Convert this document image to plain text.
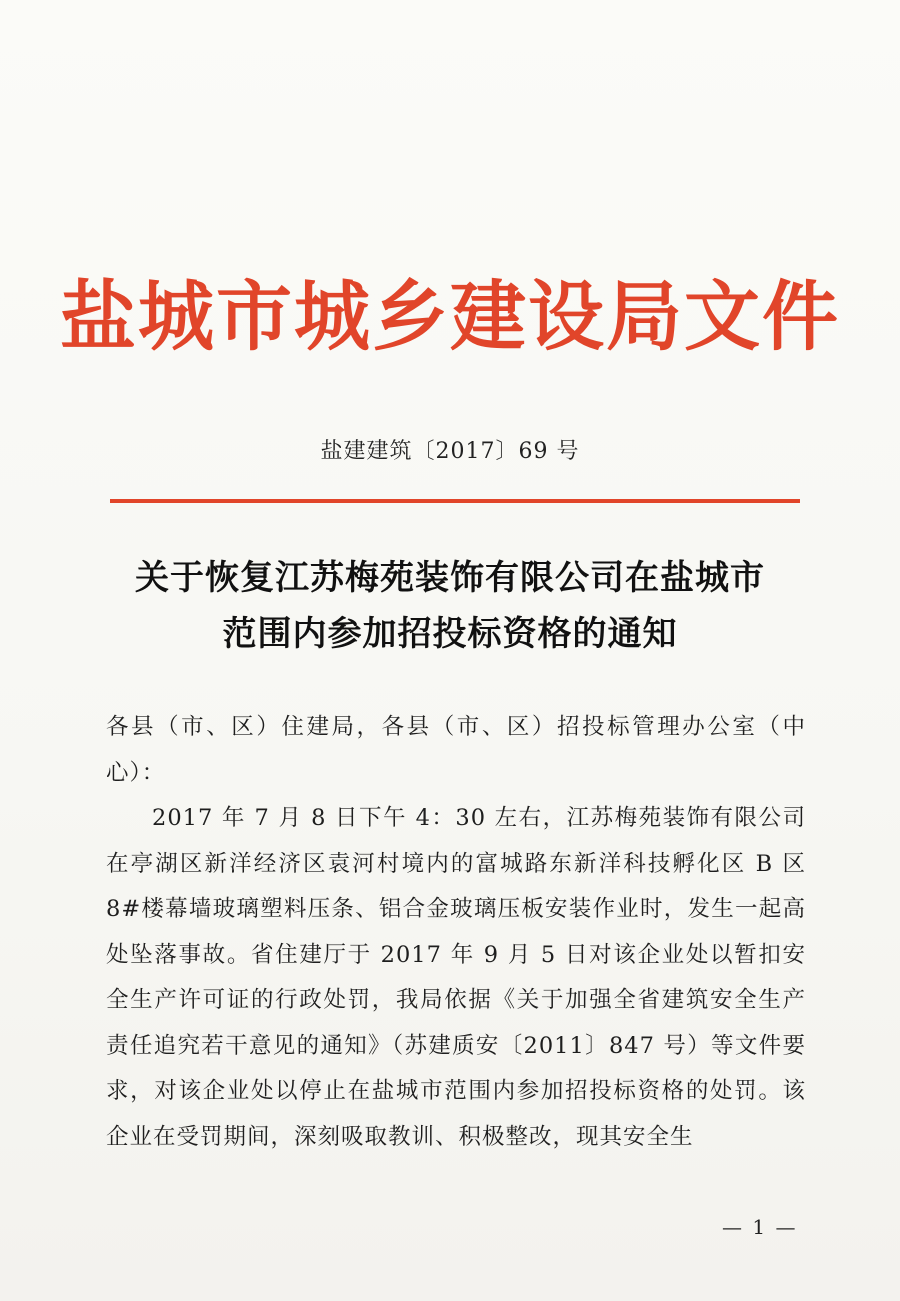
盐城市城乡建设局文件
盐建建筑〔2017〕69 号
关于恢复江苏梅苑装饰有限公司在盐城市
范围内参加招投标资格的通知

各县（市、区）住建局，各县（市、区）招投标管理办公室（中心）：

2017 年 7 月 8 日下午 4：30 左右，江苏梅苑装饰有限公司在亭湖区新洋经济区袁河村境内的富城路东新洋科技孵化区 B 区 8#楼幕墙玻璃塑料压条、铝合金玻璃压板安装作业时，发生一起高处坠落事故。省住建厅于 2017 年 9 月 5 日对该企业处以暂扣安全生产许可证的行政处罚，我局依据《关于加强全省建筑安全生产责任追究若干意见的通知》（苏建质安〔2011〕847 号）等文件要求，对该企业处以停止在盐城市范围内参加招投标资格的处罚。该企业在受罚期间，深刻吸取教训、积极整改，现其安全生

— 1 —
